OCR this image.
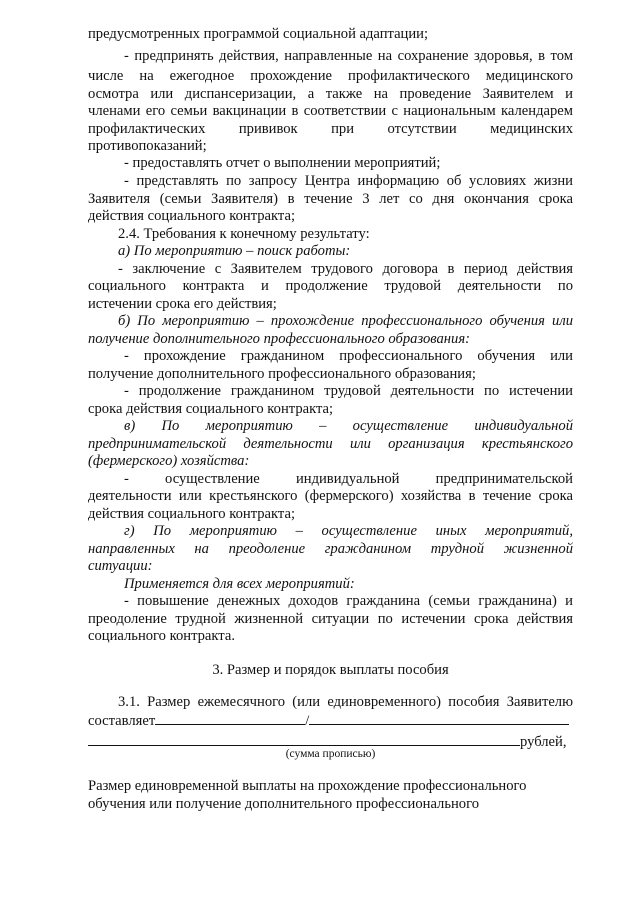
предусмотренных программой социальной адаптации;
- предпринять действия, направленные на сохранение здоровья, в том
числе на ежегодное прохождение профилактического медицинского
осмотра или диспансеризации, а также на проведение Заявителем и
членами его семьи вакцинации в соответствии с национальным календарем
профилактических прививок при отсутствии медицинских
противопоказаний;
- предоставлять отчет о выполнении мероприятий;
- представлять по запросу Центра информацию об условиях жизни
Заявителя (семьи Заявителя) в течение 3 лет со дня окончания срока
действия социального контракта;
2.4. Требования к конечному результату:
а) По мероприятию – поиск работы:
- заключение с Заявителем трудового договора в период действия
социального контракта и продолжение трудовой деятельности по
истечении срока его действия;
б) По мероприятию – прохождение профессионального обучения или
получение дополнительного профессионального образования:
- прохождение гражданином профессионального обучения или
получение дополнительного профессионального образования;
- продолжение гражданином трудовой деятельности по истечении
срока действия социального контракта;
в) По мероприятию – осуществление индивидуальной
предпринимательской деятельности или организация крестьянского
(фермерского) хозяйства:
- осуществление индивидуальной предпринимательской
деятельности или крестьянского (фермерского) хозяйства в течение срока
действия социального контракта;
г) По мероприятию – осуществление иных мероприятий,
направленных на преодоление гражданином трудной жизненной
ситуации:
Применяется для всех мероприятий:
- повышение денежных доходов гражданина (семьи гражданина) и
преодоление трудной жизненной ситуации по истечении срока действия
социального контракта.
3. Размер и порядок выплаты пособия
3.1. Размер ежемесячного (или единовременного) пособия Заявителю
составляет	/
рублей,
(сумма прописью)
Размер единовременной выплаты на прохождение профессионального
обучения или получение дополнительного профессионального
